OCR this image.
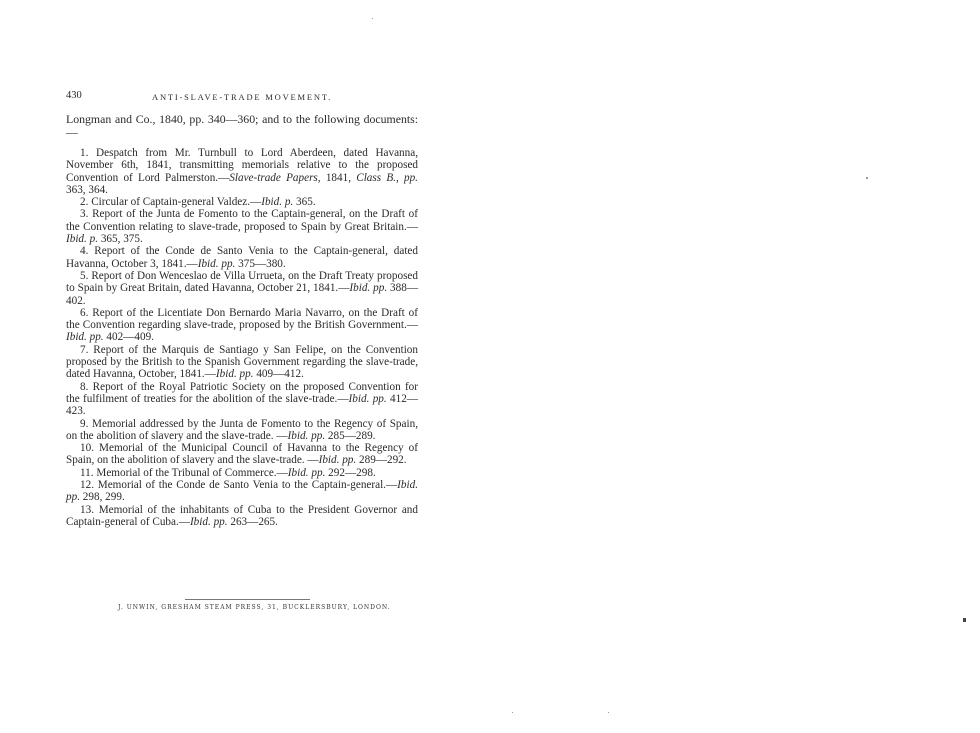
430	ANTI-SLAVE-TRADE MOVEMENT.

Longman and Co., 1840, pp. 340—360; and to the following documents:—

1. Despatch from Mr. Turnbull to Lord Aberdeen, dated Havanna, November 6th, 1841, transmitting memorials relative to the proposed Convention of Lord Palmerston.—Slave-trade Papers, 1841, Class B., pp. 363, 364.

2. Circular of Captain-general Valdez.—Ibid. p. 365.

3. Report of the Junta de Fomento to the Captain-general, on the Draft of the Convention relating to slave-trade, proposed to Spain by Great Britain.—Ibid. p. 365, 375.

4. Report of the Conde de Santo Venia to the Captain-general, dated Havanna, October 3, 1841.—Ibid. pp. 375—380.

5. Report of Don Wenceslao de Villa Urrueta, on the Draft Treaty proposed to Spain by Great Britain, dated Havanna, October 21, 1841.—Ibid. pp. 388—402.

6. Report of the Licentiate Don Bernardo Maria Navarro, on the Draft of the Convention regarding slave-trade, proposed by the British Government.—Ibid. pp. 402—409.

7. Report of the Marquis de Santiago y San Felipe, on the Convention proposed by the British to the Spanish Government regarding the slave-trade, dated Havanna, October, 1841.—Ibid. pp. 409—412.

8. Report of the Royal Patriotic Society on the proposed Convention for the fulfilment of treaties for the abolition of the slave-trade.—Ibid. pp. 412—423.

9. Memorial addressed by the Junta de Fomento to the Regency of Spain, on the abolition of slavery and the slave-trade. —Ibid. pp. 285—289.

10. Memorial of the Municipal Council of Havanna to the Regency of Spain, on the abolition of slavery and the slave-trade. —Ibid. pp. 289—292.

11. Memorial of the Tribunal of Commerce.—Ibid. pp. 292—298.

12. Memorial of the Conde de Santo Venia to the Captain-general.—Ibid. pp. 298, 299.

13. Memorial of the inhabitants of Cuba to the President Governor and Captain-general of Cuba.—Ibid. pp. 263—265.

J. UNWIN, GRESHAM STEAM PRESS, 31, BUCKLERSBURY, LONDON.
